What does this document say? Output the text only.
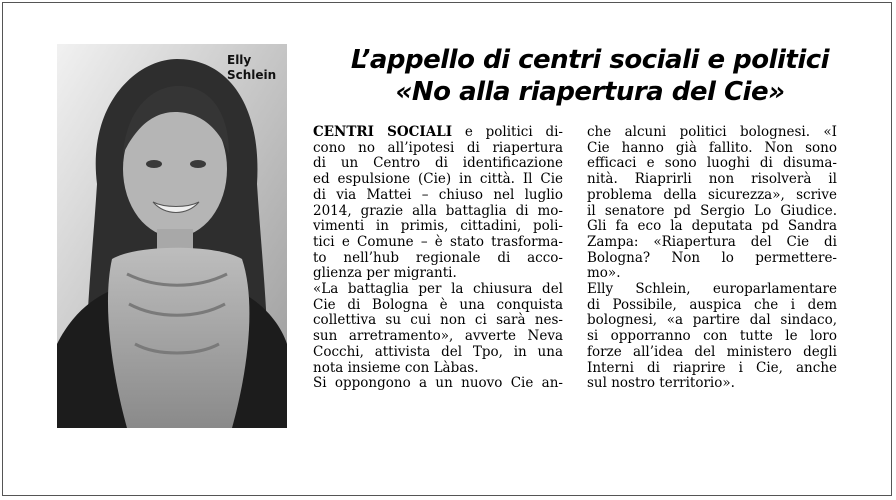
Elly
Schlein	L’appello di centri sociali e politici
«No alla riapertura del Cie»
CENTRI SOCIALI e politici di-
cono no all’ipotesi di riapertura
di un Centro di identificazione
ed espulsione (Cie) in città. Il Cie
di via Mattei – chiuso nel luglio
2014, grazie alla battaglia di mo-
vimenti in primis, cittadini, poli-
tici e Comune – è stato trasforma-
to nell’hub regionale di acco-
glienza per migranti.
«La battaglia per la chiusura del
Cie di Bologna è una conquista
collettiva su cui non ci sarà nes-
sun arretramento», avverte Neva
Cocchi, attivista del Tpo, in una
nota insieme con Làbas.
Si oppongono a un nuovo Cie an-
che alcuni politici bolognesi. «I
Cie hanno già fallito. Non sono
efficaci e sono luoghi di disuma-
nità. Riaprirli non risolverà il
problema della sicurezza», scrive
il senatore pd Sergio Lo Giudice.
Gli fa eco la deputata pd Sandra
Zampa: «Riapertura del Cie di
Bologna? Non lo permettere-
mo».
Elly Schlein, europarlamentare
di Possibile, auspica che i dem
bolognesi, «a partire dal sindaco,
si opporranno con tutte le loro
forze all’idea del ministero degli
Interni di riaprire i Cie, anche
sul nostro territorio».
